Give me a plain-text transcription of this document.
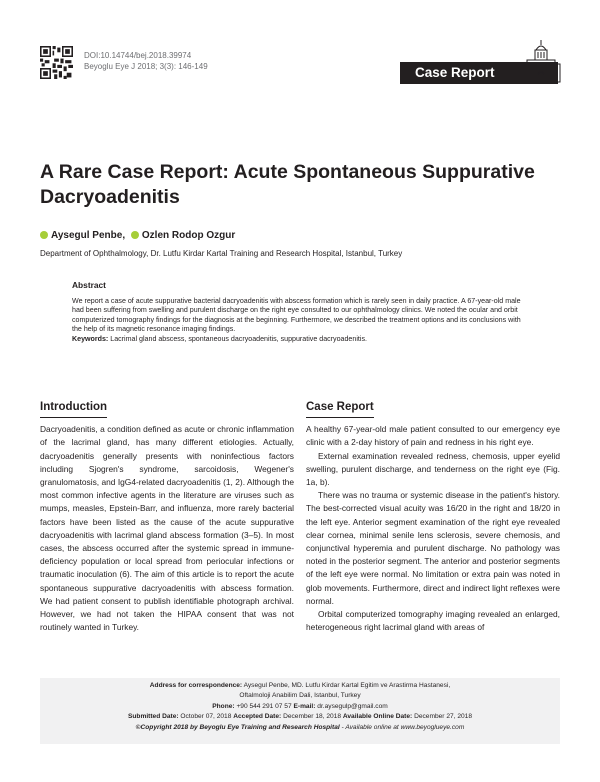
DOI:10.14744/bej.2018.39974
Beyoglu Eye J 2018; 3(3): 146-149	Case Report
A Rare Case Report: Acute Spontaneous Suppurative Dacryoadenitis
Aysegul Penbe, Ozlen Rodop Ozgur
Department of Ophthalmology, Dr. Lutfu Kirdar Kartal Training and Research Hospital, Istanbul, Turkey
Abstract

We report a case of acute suppurative bacterial dacryoadenitis with abscess formation which is rarely seen in daily practice. A 67-year-old male had been suffering from swelling and purulent discharge on the right eye consulted to our ophthalmology clinics. We noted the ocular and orbit computerized tomography findings for the diagnosis at the beginning. Furthermore, we described the treatment options and its conclusions with the help of its magnetic resonance imaging findings.

Keywords: Lacrimal gland abscess, spontaneous dacryoadenitis, suppurative dacryoadenitis.

Introduction

Dacryoadenitis, a condition defined as acute or chronic inflammation of the lacrimal gland, has many different etiologies. Actually, dacryoadenitis generally presents with noninfectious factors including Sjogren's syndrome, sarcoidosis, Wegener's granulomatosis, and IgG4-related dacryoadenitis (1, 2). Although the most common infective agents in the literature are viruses such as mumps, measles, Epstein-Barr, and influenza, more rarely bacterial factors have been listed as the cause of the acute suppurative dacryoadenitis with lacrimal gland abscess formation (3–5). In most cases, the abscess occurred after the systemic spread in immune-deficiency population or local spread from periocular infections or traumatic inoculation (6). The aim of this article is to report the acute spontaneous suppurative dacryoadenitis with abscess formation. We had patient consent to publish identifiable photograph archival. However, we had not taken the HIPAA consent that was not routinely wanted in Turkey.

Case Report

A healthy 67-year-old male patient consulted to our emergency eye clinic with a 2-day history of pain and redness in his right eye.

External examination revealed redness, chemosis, upper eyelid swelling, purulent discharge, and tenderness on the right eye (Fig. 1a, b).

There was no trauma or systemic disease in the patient's history. The best-corrected visual acuity was 16/20 in the right and 18/20 in the left eye. Anterior segment examination of the right eye revealed clear cornea, minimal senile lens sclerosis, severe chemosis, and conjunctival hyperemia and purulent discharge. No pathology was noted in the posterior segment. The anterior and posterior segments of the left eye were normal. No limitation or extra pain was noted in glob movements. Furthermore, direct and indirect light reflexes were normal.

Orbital computerized tomography imaging revealed an enlarged, heterogeneous right lacrimal gland with areas of

Address for correspondence: Aysegul Penbe, MD. Lutfu Kirdar Kartal Egitim ve Arastirma Hastanesi,
Oftalmoloji Anabilim Dali, Istanbul, Turkey
Phone: +90 544 291 07 57 E-mail: dr.aysegulp@gmail.com
Submitted Date: October 07, 2018 Accepted Date: December 18, 2018 Available Online Date: December 27, 2018
©Copyright 2018 by Beyoglu Eye Training and Research Hospital - Available online at www.beyoglueye.com
